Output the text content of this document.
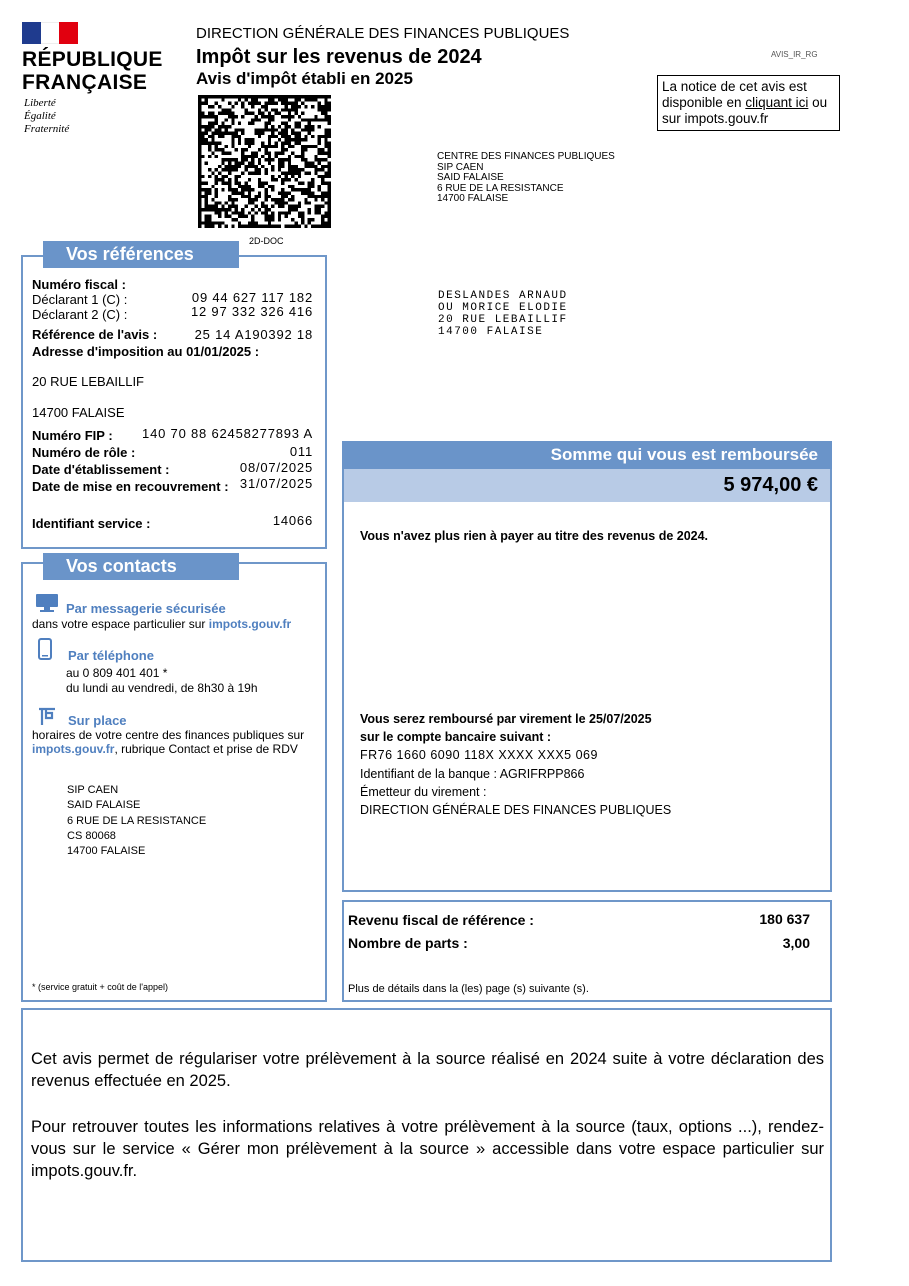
RÉPUBLIQUE
FRANÇAISE
Liberté
Égalité
Fraternité
DIRECTION GÉNÉRALE DES FINANCES PUBLIQUES
Impôt sur les revenus de 2024
Avis d'impôt établi en 2025
AVIS_IR_RG
La notice de cet avis est disponible en cliquant ici ou sur impots.gouv.fr
2D-DOC
CENTRE DES FINANCES PUBLIQUES
SIP CAEN
SAID FALAISE
6 RUE DE LA RESISTANCE
14700 FALAISE
DESLANDES ARNAUD
OU MORICE ELODIE
20 RUE LEBAILLIF
14700 FALAISE
Numéro fiscal :
Déclarant 1 (C) :	09 44 627 117 182
Déclarant 2 (C) :	12 97 332 326 416
Référence de l'avis :	25 14 A190392 18
Adresse d'imposition au 01/01/2025 :
20 RUE LEBAILLIF
14700 FALAISE
Numéro FIP : 140 70 88 62458277893 A
Numéro de rôle :	011
Date d'établissement :	08/07/2025
Date de mise en recouvrement : 31/07/2025
Identifiant service :	14066
Vos références
Par messagerie sécurisée
dans votre espace particulier sur impots.gouv.fr
Par téléphone
au 0 809 401 401 *
du lundi au vendredi, de 8h30 à 19h
Sur place
horaires de votre centre des finances publiques sur
impots.gouv.fr, rubrique Contact et prise de RDV
SIP CAEN
SAID FALAISE
6 RUE DE LA RESISTANCE
CS 80068
14700 FALAISE
* (service gratuit + coût de l'appel)
Vos contacts
Somme qui vous est remboursée
5 974,00 €
Vous n'avez plus rien à payer au titre des revenus de 2024.
Vous serez remboursé par virement le 25/07/2025
sur le compte bancaire suivant :
FR76 1660 6090 118X XXXX XXX5 069
Identifiant de la banque : AGRIFRPP866
Émetteur du virement :
DIRECTION GÉNÉRALE DES FINANCES PUBLIQUES
Revenu fiscal de référence :	180 637
Nombre de parts :	3,00
Plus de détails dans la (les) page (s) suivante (s).
Cet avis permet de régulariser votre prélèvement à la source réalisé en 2024 suite à votre déclaration des revenus effectuée en 2025.
Pour retrouver toutes les informations relatives à votre prélèvement à la source (taux, options ...), rendez-vous sur le service « Gérer mon prélèvement à la source » accessible dans votre espace particulier sur impots.gouv.fr.
